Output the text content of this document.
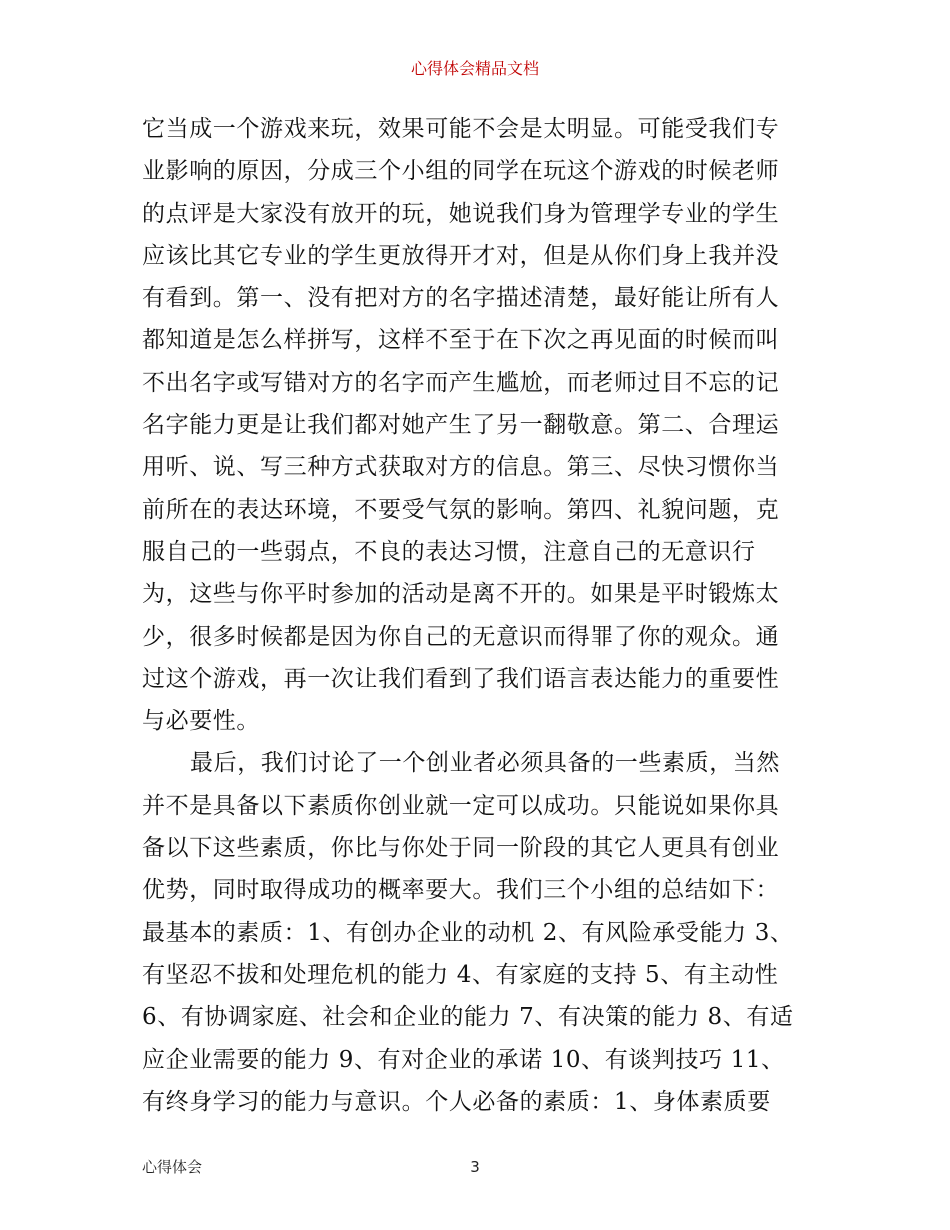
心得体会精品文档
它当成一个游戏来玩，效果可能不会是太明显。可能受我们专
业影响的原因，分成三个小组的同学在玩这个游戏的时候老师
的点评是大家没有放开的玩，她说我们身为管理学专业的学生
应该比其它专业的学生更放得开才对，但是从你们身上我并没
有看到。第一、没有把对方的名字描述清楚，最好能让所有人
都知道是怎么样拼写，这样不至于在下次之再见面的时候而叫
不出名字或写错对方的名字而产生尴尬，而老师过目不忘的记
名字能力更是让我们都对她产生了另一翻敬意。第二、合理运
用听、说、写三种方式获取对方的信息。第三、尽快习惯你当
前所在的表达环境，不要受气氛的影响。第四、礼貌问题，克
服自己的一些弱点，不良的表达习惯，注意自己的无意识行
为，这些与你平时参加的活动是离不开的。如果是平时锻炼太
少，很多时候都是因为你自己的无意识而得罪了你的观众。通
过这个游戏，再一次让我们看到了我们语言表达能力的重要性
与必要性。
最后，我们讨论了一个创业者必须具备的一些素质，当然
并不是具备以下素质你创业就一定可以成功。只能说如果你具
备以下这些素质，你比与你处于同一阶段的其它人更具有创业
优势，同时取得成功的概率要大。我们三个小组的总结如下：
最基本的素质：1、有创办企业的动机 2、有风险承受能力 3、
有坚忍不拔和处理危机的能力 4、有家庭的支持 5、有主动性
6、有协调家庭、社会和企业的能力 7、有决策的能力 8、有适
应企业需要的能力 9、有对企业的承诺 10、有谈判技巧 11、
有终身学习的能力与意识。个人必备的素质：1、身体素质要
心得体会	3
